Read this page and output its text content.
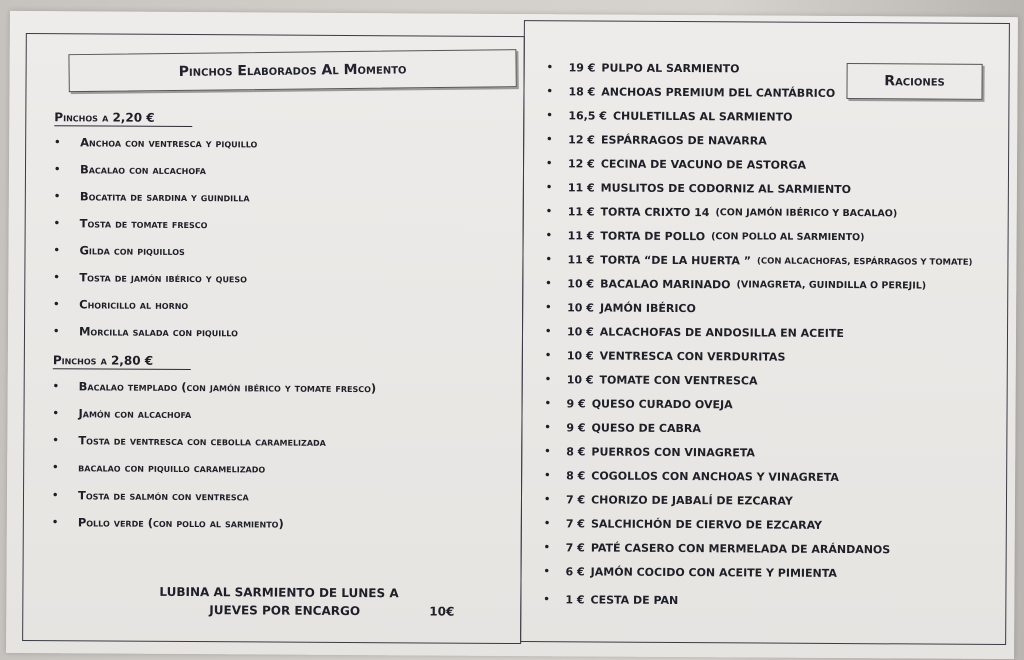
Pinchos Elaborados Al Momento
Pinchos a 2,20 €
•	Anchoa con ventresca y piquillo
•	Bacalao con alcachofa
•	Bocatita de sardina y guindilla
•	Tosta de tomate fresco
•	Gilda con piquillos
•	Tosta de jamón ibérico y queso
•	Choricillo al horno
•	Morcilla salada con piquillo
Pinchos a 2,80 €
•	Bacalao templado (con jamón ibérico y tomate fresco)
•	Jamón con alcachofa
•	Tosta de ventresca con cebolla caramelizada
•	bacalao con piquillo caramelizado
•	Tosta de salmón con ventresca
•	Pollo verde (con pollo al sarmiento)
LUBINA AL SARMIENTO DE LUNES A
JUEVES POR ENCARGO	10€
Raciones
•	19 € PULPO AL SARMIENTO
•	18 € ANCHOAS PREMIUM DEL CANTÁBRICO
•	16,5 € CHULETILLAS AL SARMIENTO
•	12 € ESPÁRRAGOS DE NAVARRA
•	12 € CECINA DE VACUNO DE ASTORGA
•	11 € MUSLITOS DE CODORNIZ AL SARMIENTO
•	11 € TORTA CRIXTO 14 (CON JAMÓN IBÉRICO Y BACALAO)
•	11 € TORTA DE POLLO (CON POLLO AL SARMIENTO)
•	11 € TORTA “DE LA HUERTA ” (CON ALCACHOFAS, ESPÁRRAGOS Y TOMATE)
•	10 € BACALAO MARINADO (VINAGRETA, GUINDILLA O PEREJIL)
•	10 € JAMÓN IBÉRICO
•	10 € ALCACHOFAS DE ANDOSILLA EN ACEITE
•	10 € VENTRESCA CON VERDURITAS
•	10 € TOMATE CON VENTRESCA
•	9 € QUESO CURADO OVEJA
•	9 € QUESO DE CABRA
•	8 € PUERROS CON VINAGRETA
•	8 € COGOLLOS CON ANCHOAS Y VINAGRETA
•	7 € CHORIZO DE JABALÍ DE EZCARAY
•	7 € SALCHICHÓN DE CIERVO DE EZCARAY
•	7 € PATÉ CASERO CON MERMELADA DE ARÁNDANOS
•	6 € JAMÓN COCIDO CON ACEITE Y PIMIENTA
•	1 € CESTA DE PAN
